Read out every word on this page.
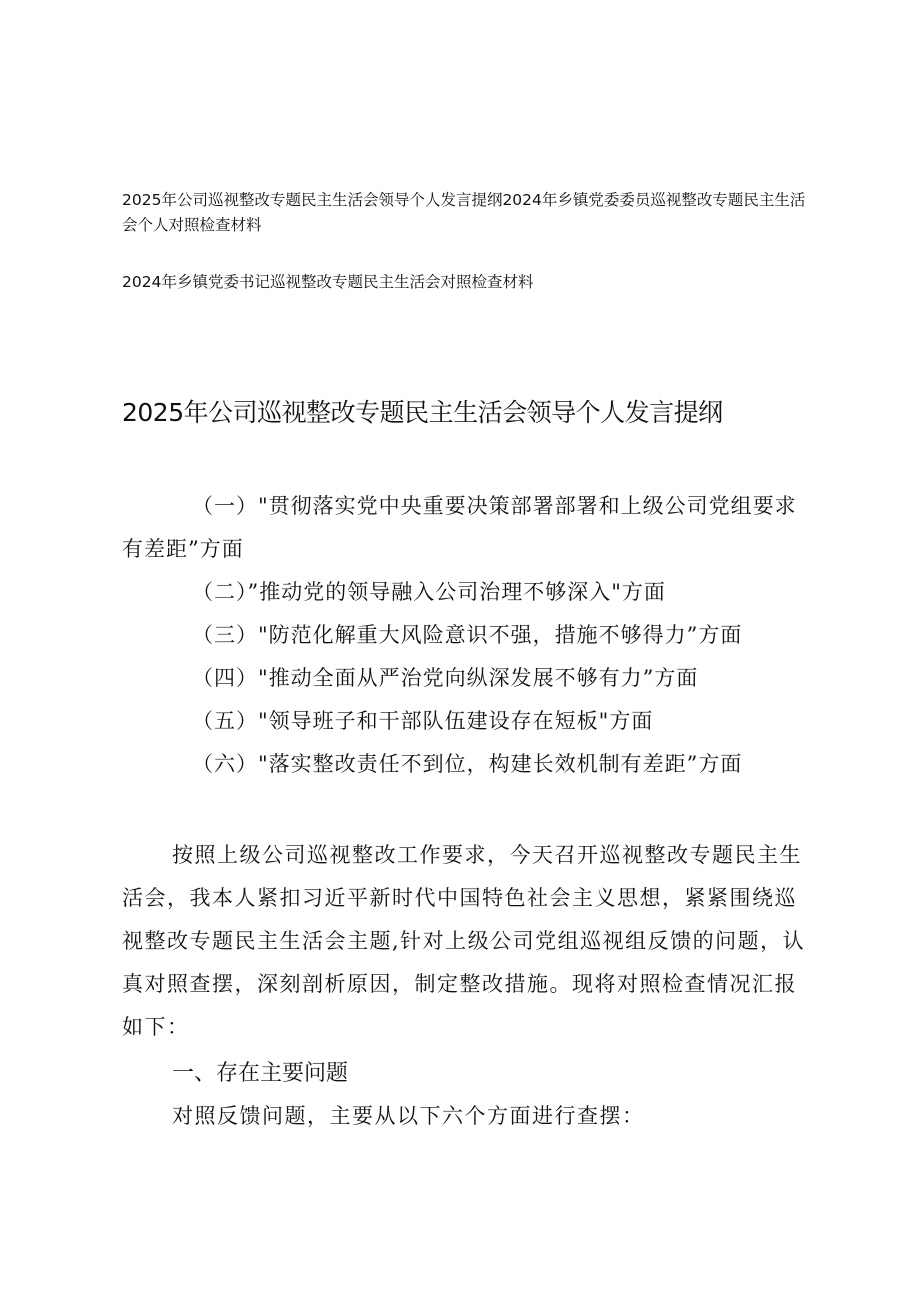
2025年公司巡视整改专题民主生活会领导个人发言提纲2024年乡镇党委委员巡视整改专题民主生活会个人对照检查材料

2024年乡镇党委书记巡视整改专题民主生活会对照检查材料

2025年公司巡视整改专题民主生活会领导个人发言提纲

（一）"贯彻落实党中央重要决策部署部署和上级公司党组要求有差距”方面

（二）”推动党的领导融入公司治理不够深入"方面

（三）"防范化解重大风险意识不强，措施不够得力”方面

（四）"推动全面从严治党向纵深发展不够有力”方面

（五）"领导班子和干部队伍建设存在短板"方面

（六）"落实整改责任不到位，构建长效机制有差距”方面

按照上级公司巡视整改工作要求，今天召开巡视整改专题民主生活会，我本人紧扣习近平新时代中国特色社会主义思想，紧紧围绕巡视整改专题民主生活会主题,针对上级公司党组巡视组反馈的问题，认真对照查摆，深刻剖析原因，制定整改措施。现将对照检查情况汇报如下：

一、存在主要问题

对照反馈问题，主要从以下六个方面进行查摆：
